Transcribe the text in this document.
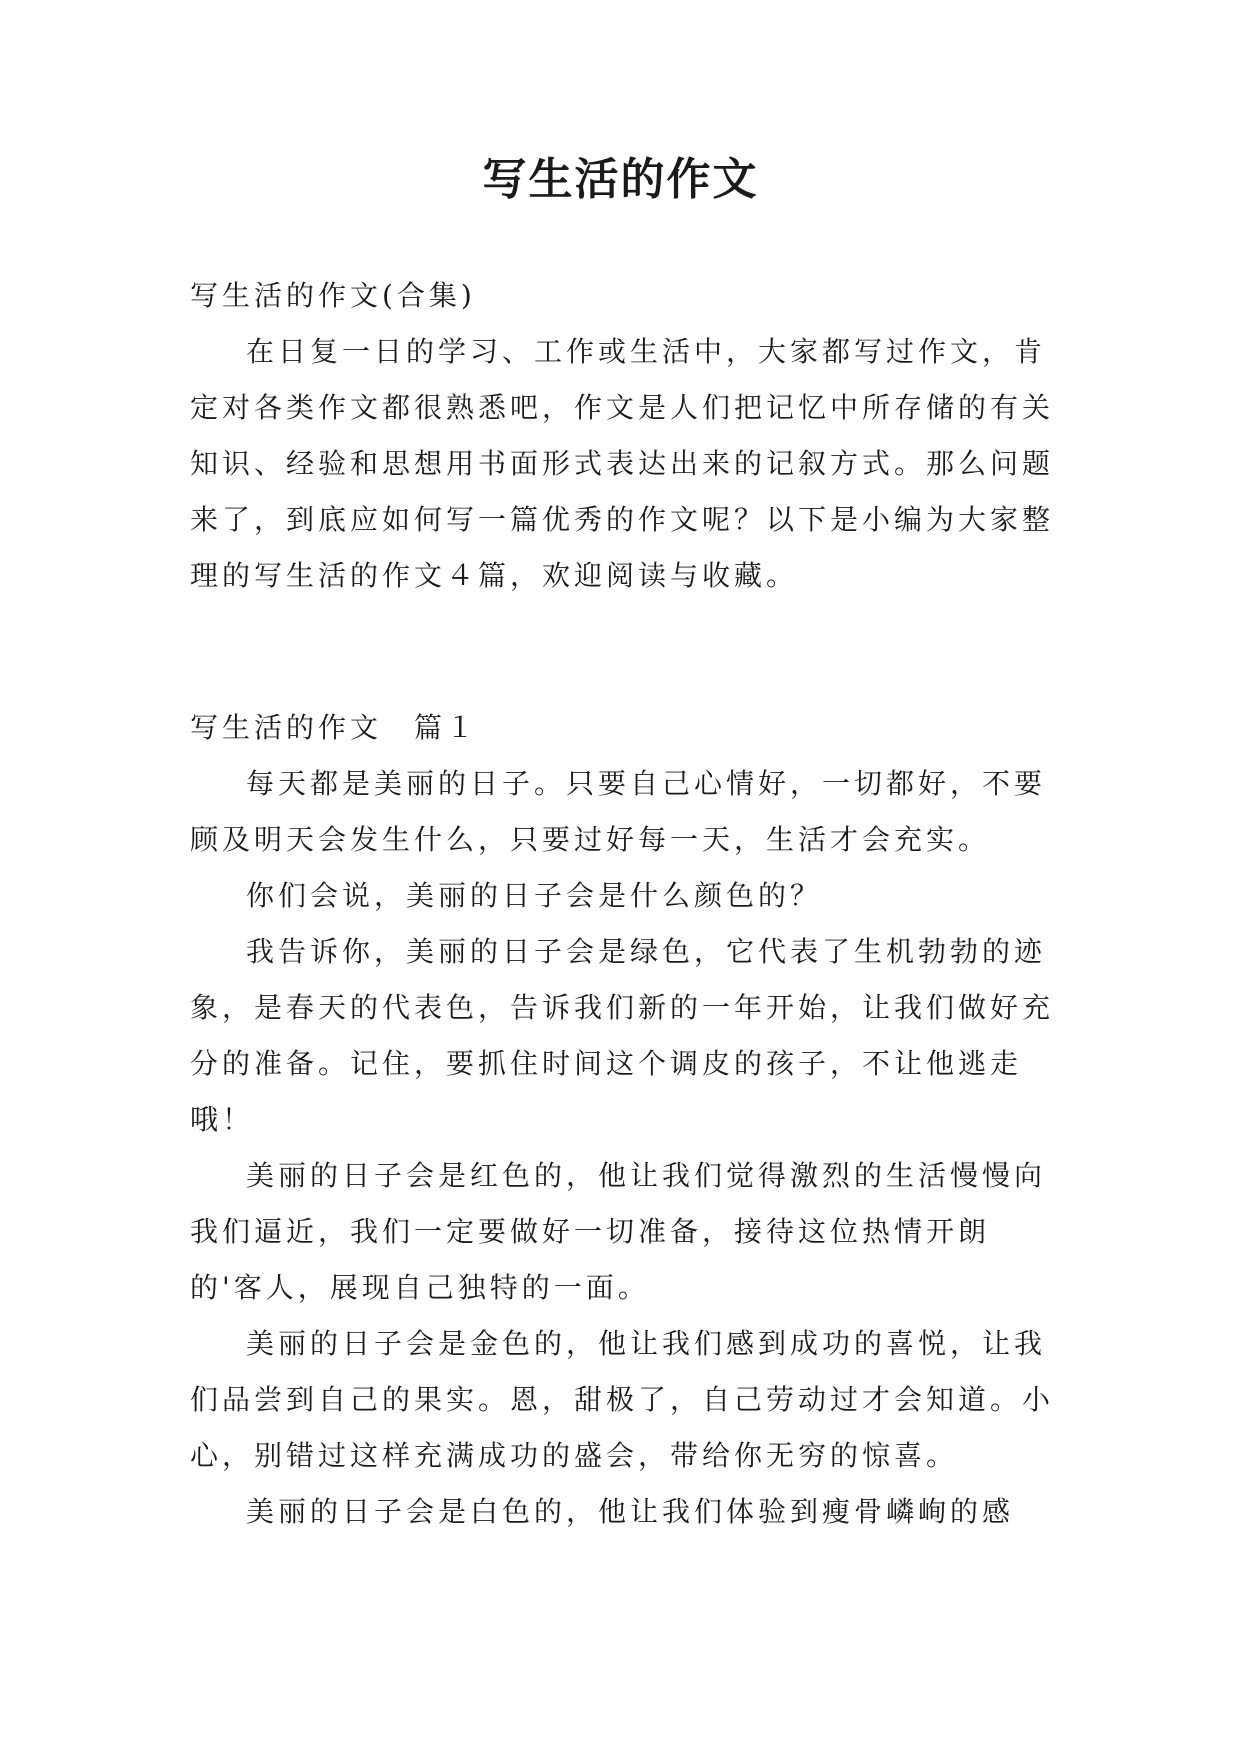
写生活的作文

写生活的作文(合集)

在日复一日的学习、工作或生活中，大家都写过作文，肯定对各类作文都很熟悉吧，作文是人们把记忆中所存储的有关知识、经验和思想用书面形式表达出来的记叙方式。那么问题来了，到底应如何写一篇优秀的作文呢？以下是小编为大家整理的写生活的作文４篇，欢迎阅读与收藏。

写生活的作文　篇１

每天都是美丽的日子。只要自己心情好，一切都好，不要顾及明天会发生什么，只要过好每一天，生活才会充实。

你们会说，美丽的日子会是什么颜色的？

我告诉你，美丽的日子会是绿色，它代表了生机勃勃的迹象，是春天的代表色，告诉我们新的一年开始，让我们做好充分的准备。记住，要抓住时间这个调皮的孩子，不让他逃走哦！

美丽的日子会是红色的，他让我们觉得激烈的生活慢慢向我们逼近，我们一定要做好一切准备，接待这位热情开朗的'客人，展现自己独特的一面。

美丽的日子会是金色的，他让我们感到成功的喜悦，让我们品尝到自己的果实。恩，甜极了，自己劳动过才会知道。小心，别错过这样充满成功的盛会，带给你无穷的惊喜。

美丽的日子会是白色的，他让我们体验到瘦骨嶙峋的感
